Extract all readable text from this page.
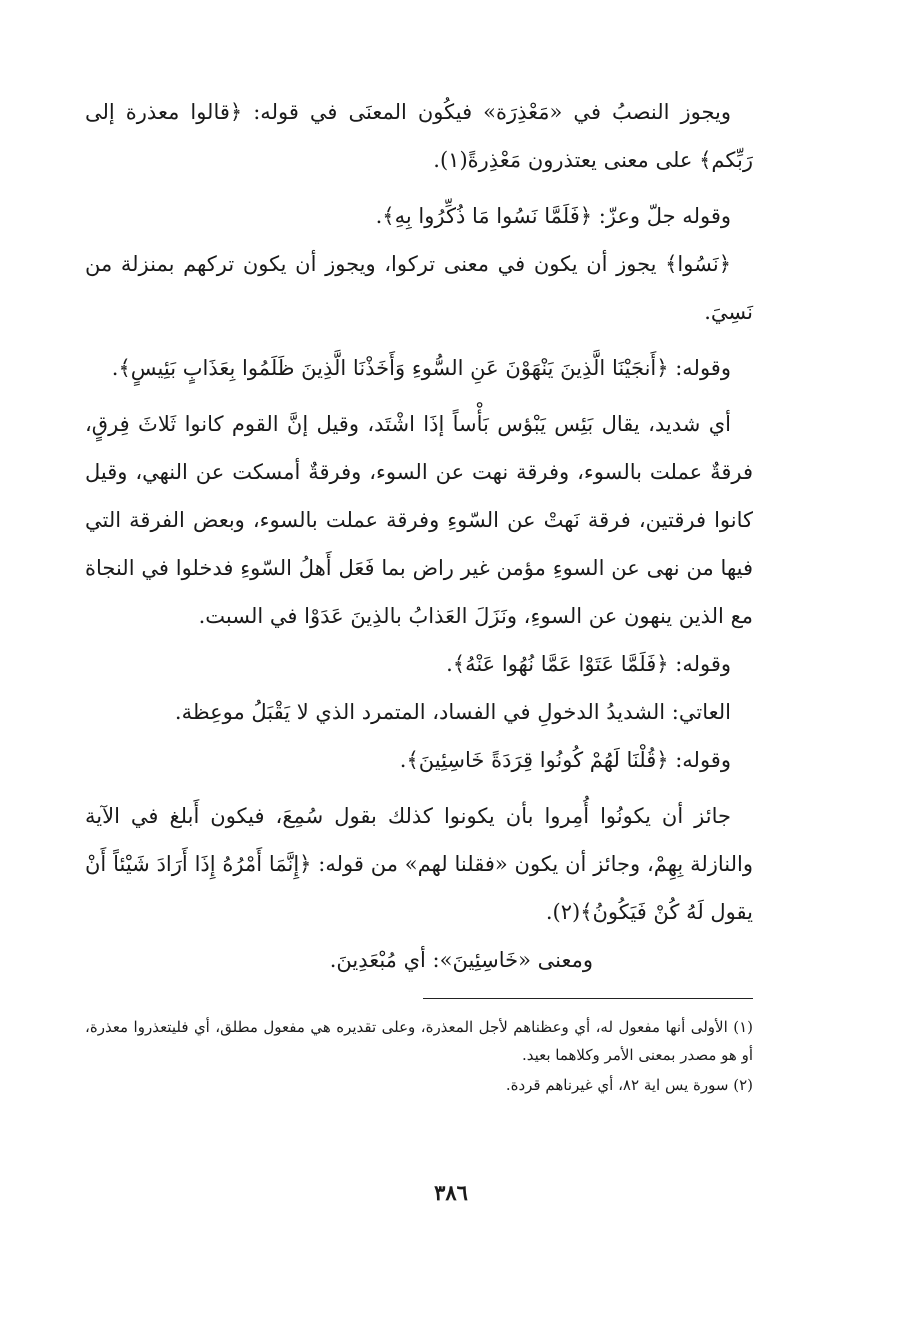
ويجوز النصبُ في «مَعْذِرَة» فيكُون المعنَى في قوله: ﴿قالوا معذرة إلى رَبِّكم﴾ على معنى يعتذرون مَعْذِرةً(١).

وقوله جلّ وعزّ: ﴿فَلَمَّا نَسُوا مَا ذُكِّرُوا بِهِ﴾.

﴿نَسُوا﴾ يجوز أن يكون في معنى تركوا، ويجوز أن يكون تركهم بمنزلة من نَسِيَ.

وقوله: ﴿أَنجَيْنَا الَّذِينَ يَنْهَوْنَ عَنِ السُّوءِ وَأَخَذْنَا الَّذِينَ ظَلَمُوا بِعَذَابٍ بَئِيسٍ﴾.

أي شديد، يقال بَئِس يَبْؤس بَأْساً إذَا اشْتَد، وقيل إنَّ القوم كانوا ثَلاثَ فِرقٍ، فرقةٌ عملت بالسوء، وفرقة نهت عن السوء، وفرقةٌ أمسكت عن النهي، وقيل كانوا فرقتين، فرقة نَهتْ عن السّوءِ وفرقة عملت بالسوء، وبعض الفرقة التي فيها من نهى عن السوءِ مؤمن غير راض بما فَعَل أَهلُ السّوءِ فدخلوا في النجاة مع الذين ينهون عن السوءِ، ونَزَلَ العَذابُ بالذِينَ عَدَوْا في السبت.

وقوله: ﴿فَلَمَّا عَتَوْا عَمَّا نُهُوا عَنْهُ﴾.

العاتي: الشديدُ الدخولِ في الفساد، المتمرد الذي لا يَقْبَلُ موعِظة.

وقوله: ﴿قُلْنَا لَهُمْ كُونُوا قِرَدَةً خَاسِئِينَ﴾.

جائز أن يكونُوا أُمِروا بأن يكونوا كذلك بقول سُمِعَ، فيكون أَبلغ في الآية والنازلة بِهِمْ، وجائز أن يكون «فقلنا لهم» من قوله: ﴿إِنَّمَا أَمْرُهُ إِذَا أَرَادَ شَيْئاً أَنْ يقول لَهُ كُنْ فَيَكُونُ﴾(٢).

ومعنى «خَاسِئِينَ»: أي مُبْعَدِينَ.

(١) الأولى أنها مفعول له، أي وعظناهم لأجل المعذرة، وعلى تقديره هي مفعول مطلق، أي فليتعذروا معذرة، أو هو مصدر بمعنى الأمر وكلاهما بعيد.

(٢) سورة يس اية ٨٢، أي غيرناهم قردة.

٣٨٦
